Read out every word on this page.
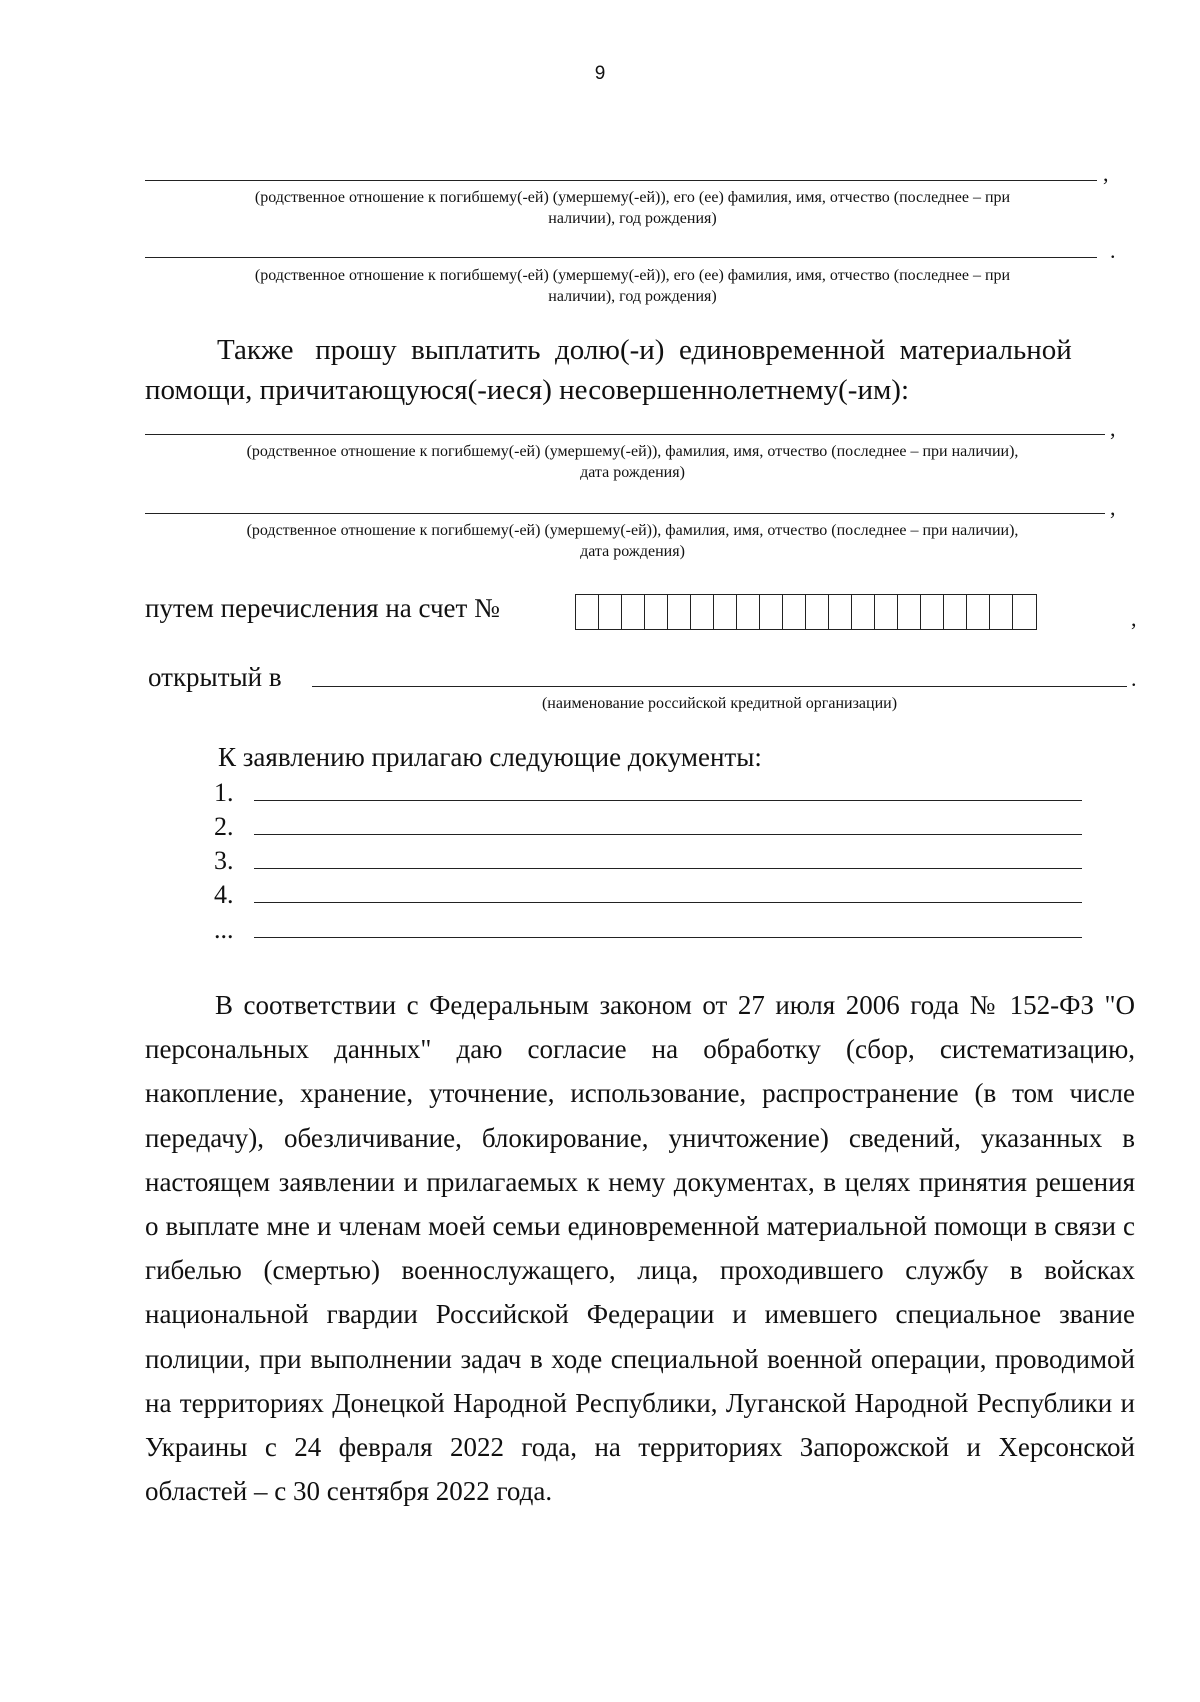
9
,
(родственное отношение к погибшему(-ей) (умершему(-ей)), его (ее) фамилия, имя, отчество (последнее – при
наличии), год рождения)
.
(родственное отношение к погибшему(-ей) (умершему(-ей)), его (ее) фамилия, имя, отчество (последнее – при
наличии), год рождения)
Также   прошу  выплатить  долю(-и)  единовременной  материальной
помощи, причитающуюся(-иеся) несовершеннолетнему(-им):
,
(родственное отношение к погибшему(-ей) (умершему(-ей)), фамилия, имя, отчество (последнее – при наличии),
дата рождения)
,
(родственное отношение к погибшему(-ей) (умершему(-ей)), фамилия, имя, отчество (последнее – при наличии),
дата рождения)
путем перечисления на счет №	,
открытый в	.
(наименование российской кредитной организации)
К заявлению прилагаю следующие документы:
1.
2.
3.
4.
...

В соответствии с Федеральным законом от 27 июля 2006 года № 152-ФЗ "О персональных данных" даю согласие на обработку (сбор, систематизацию, накопление, хранение, уточнение, использование, распространение (в том числе передачу), обезличивание, блокирование, уничтожение) сведений, указанных в настоящем заявлении и прилагаемых к нему документах, в целях принятия решения о выплате мне и членам моей семьи единовременной материальной помощи в связи с гибелью (смертью) военнослужащего, лица, проходившего службу в войсках национальной гвардии Российской Федерации и имевшего специальное звание полиции, при выполнении задач в ходе специальной военной операции, проводимой на территориях Донецкой Народной Республики, Луганской Народной Республики и Украины с 24 февраля 2022 года, на территориях Запорожской и Херсонской областей – с 30 сентября 2022 года.
